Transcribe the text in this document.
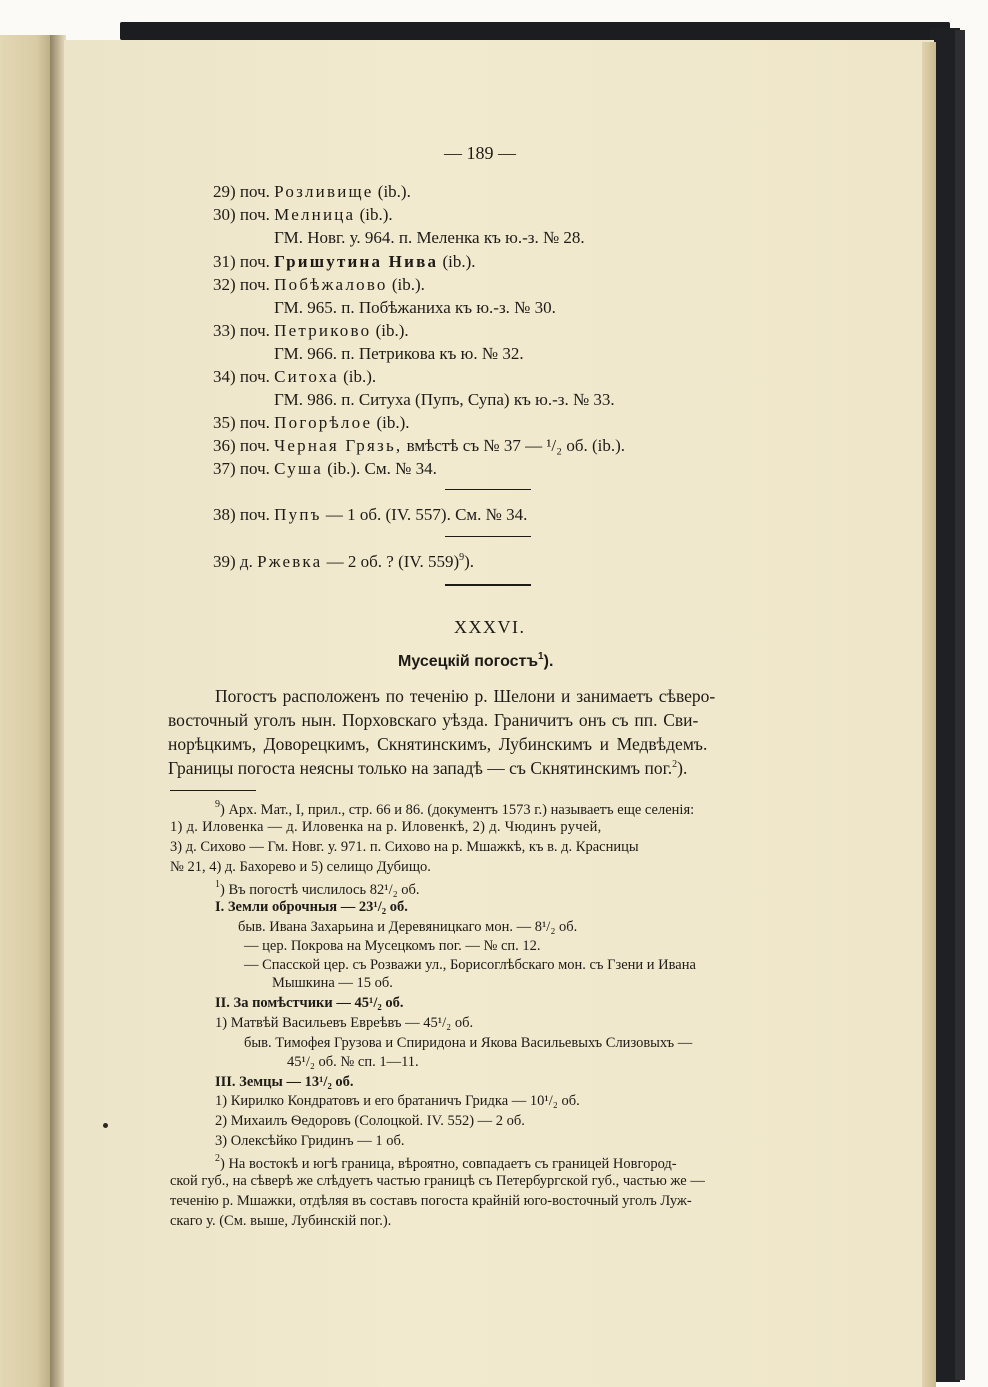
— 189 —
29) поч. Розливище (ib.).
30) поч. Мелница (ib.).
ГМ. Новг. у. 964. п. Меленка къ ю.-з. № 28.
31) поч. Гришутина Нива (ib.).
32) поч. Побѣжалово (ib.).
ГМ. 965. п. Побѣжаниха къ ю.-з. № 30.
33) поч. Петриково (ib.).
ГМ. 966. п. Петрикова къ ю. № 32.
34) поч. Ситоха (ib.).
ГМ. 986. п. Ситуха (Пупъ, Супа) къ ю.-з. № 33.
35) поч. Погорѣлое (ib.).
36) поч. Черная Грязь, вмѣстѣ съ № 37 — ¹/₂ об. (ib.).
37) поч. Суша (ib.). См. № 34.
38) поч. Пупъ — 1 об. (IV. 557). См. № 34.
39) д. Ржевка — 2 об. ? (IV. 559)$^9$).
XXXVI.
Мусецкій погостъ$^1$).
Погостъ расположенъ по теченію р. Шелони и занимаетъ сѣверо-
восточный уголъ нын. Порховскаго уѣзда. Граничитъ онъ съ пп. Сви-
норѣцкимъ, Доворецкимъ, Скнятинскимъ, Лубинскимъ и Медвѣдемъ.
Границы погоста неясны только на западѣ — съ Скнятинскимъ пог.$^2$).
$^9$) Арх. Мат., I, прил., стр. 66 и 86. (документъ 1573 г.) называетъ еще селенія:
1) д. Иловенка — д. Иловенка на р. Иловенкѣ, 2) д. Чюдинъ ручей,
3) д. Сихово — Гм. Новг. у. 971. п. Сихово на р. Мшажкѣ, къ в. д. Красницы
№ 21, 4) д. Бахорево и 5) селищо Дубищо.
$^1$) Въ погостѣ числилось 82¹/₂ об.
I. Земли оброчныя — 23¹/₂ об.
быв. Ивана Захарьина и Деревяницкаго мон. — 8¹/₂ об.
— цер. Покрова на Мусецкомъ пог. — № сп. 12.
— Спасской цер. съ Розважи ул., Борисоглѣбскаго мон. съ Гзени и Ивана
Мышкина — 15 об.
II. За помѣстчики — 45¹/₂ об.
1) Матвѣй Васильевъ Евреѣвъ — 45¹/₂ об.
быв. Тимофея Грузова и Спиридона и Якова Васильевыхъ Слизовыхъ —
45¹/₂ об. № сп. 1—11.
III. Земцы — 13¹/₂ об.
1) Кирилко Кондратовъ и его братаничъ Гридка — 10¹/₂ об.
2) Михаилъ Ѳедоровъ (Солоцкой. IV. 552) — 2 об.
3) Олексѣйко Гридинъ — 1 об.
$^2$) На востокѣ и югѣ граница, вѣроятно, совпадаетъ съ границей Новгород-
ской губ., на сѣверѣ же слѣдуетъ частью границѣ съ Петербургской губ., частью же —
теченію р. Мшажки, отдѣляя въ составъ погоста крайній юго-восточный уголъ Луж-
скаго у. (См. выше, Лубинскій пог.).
